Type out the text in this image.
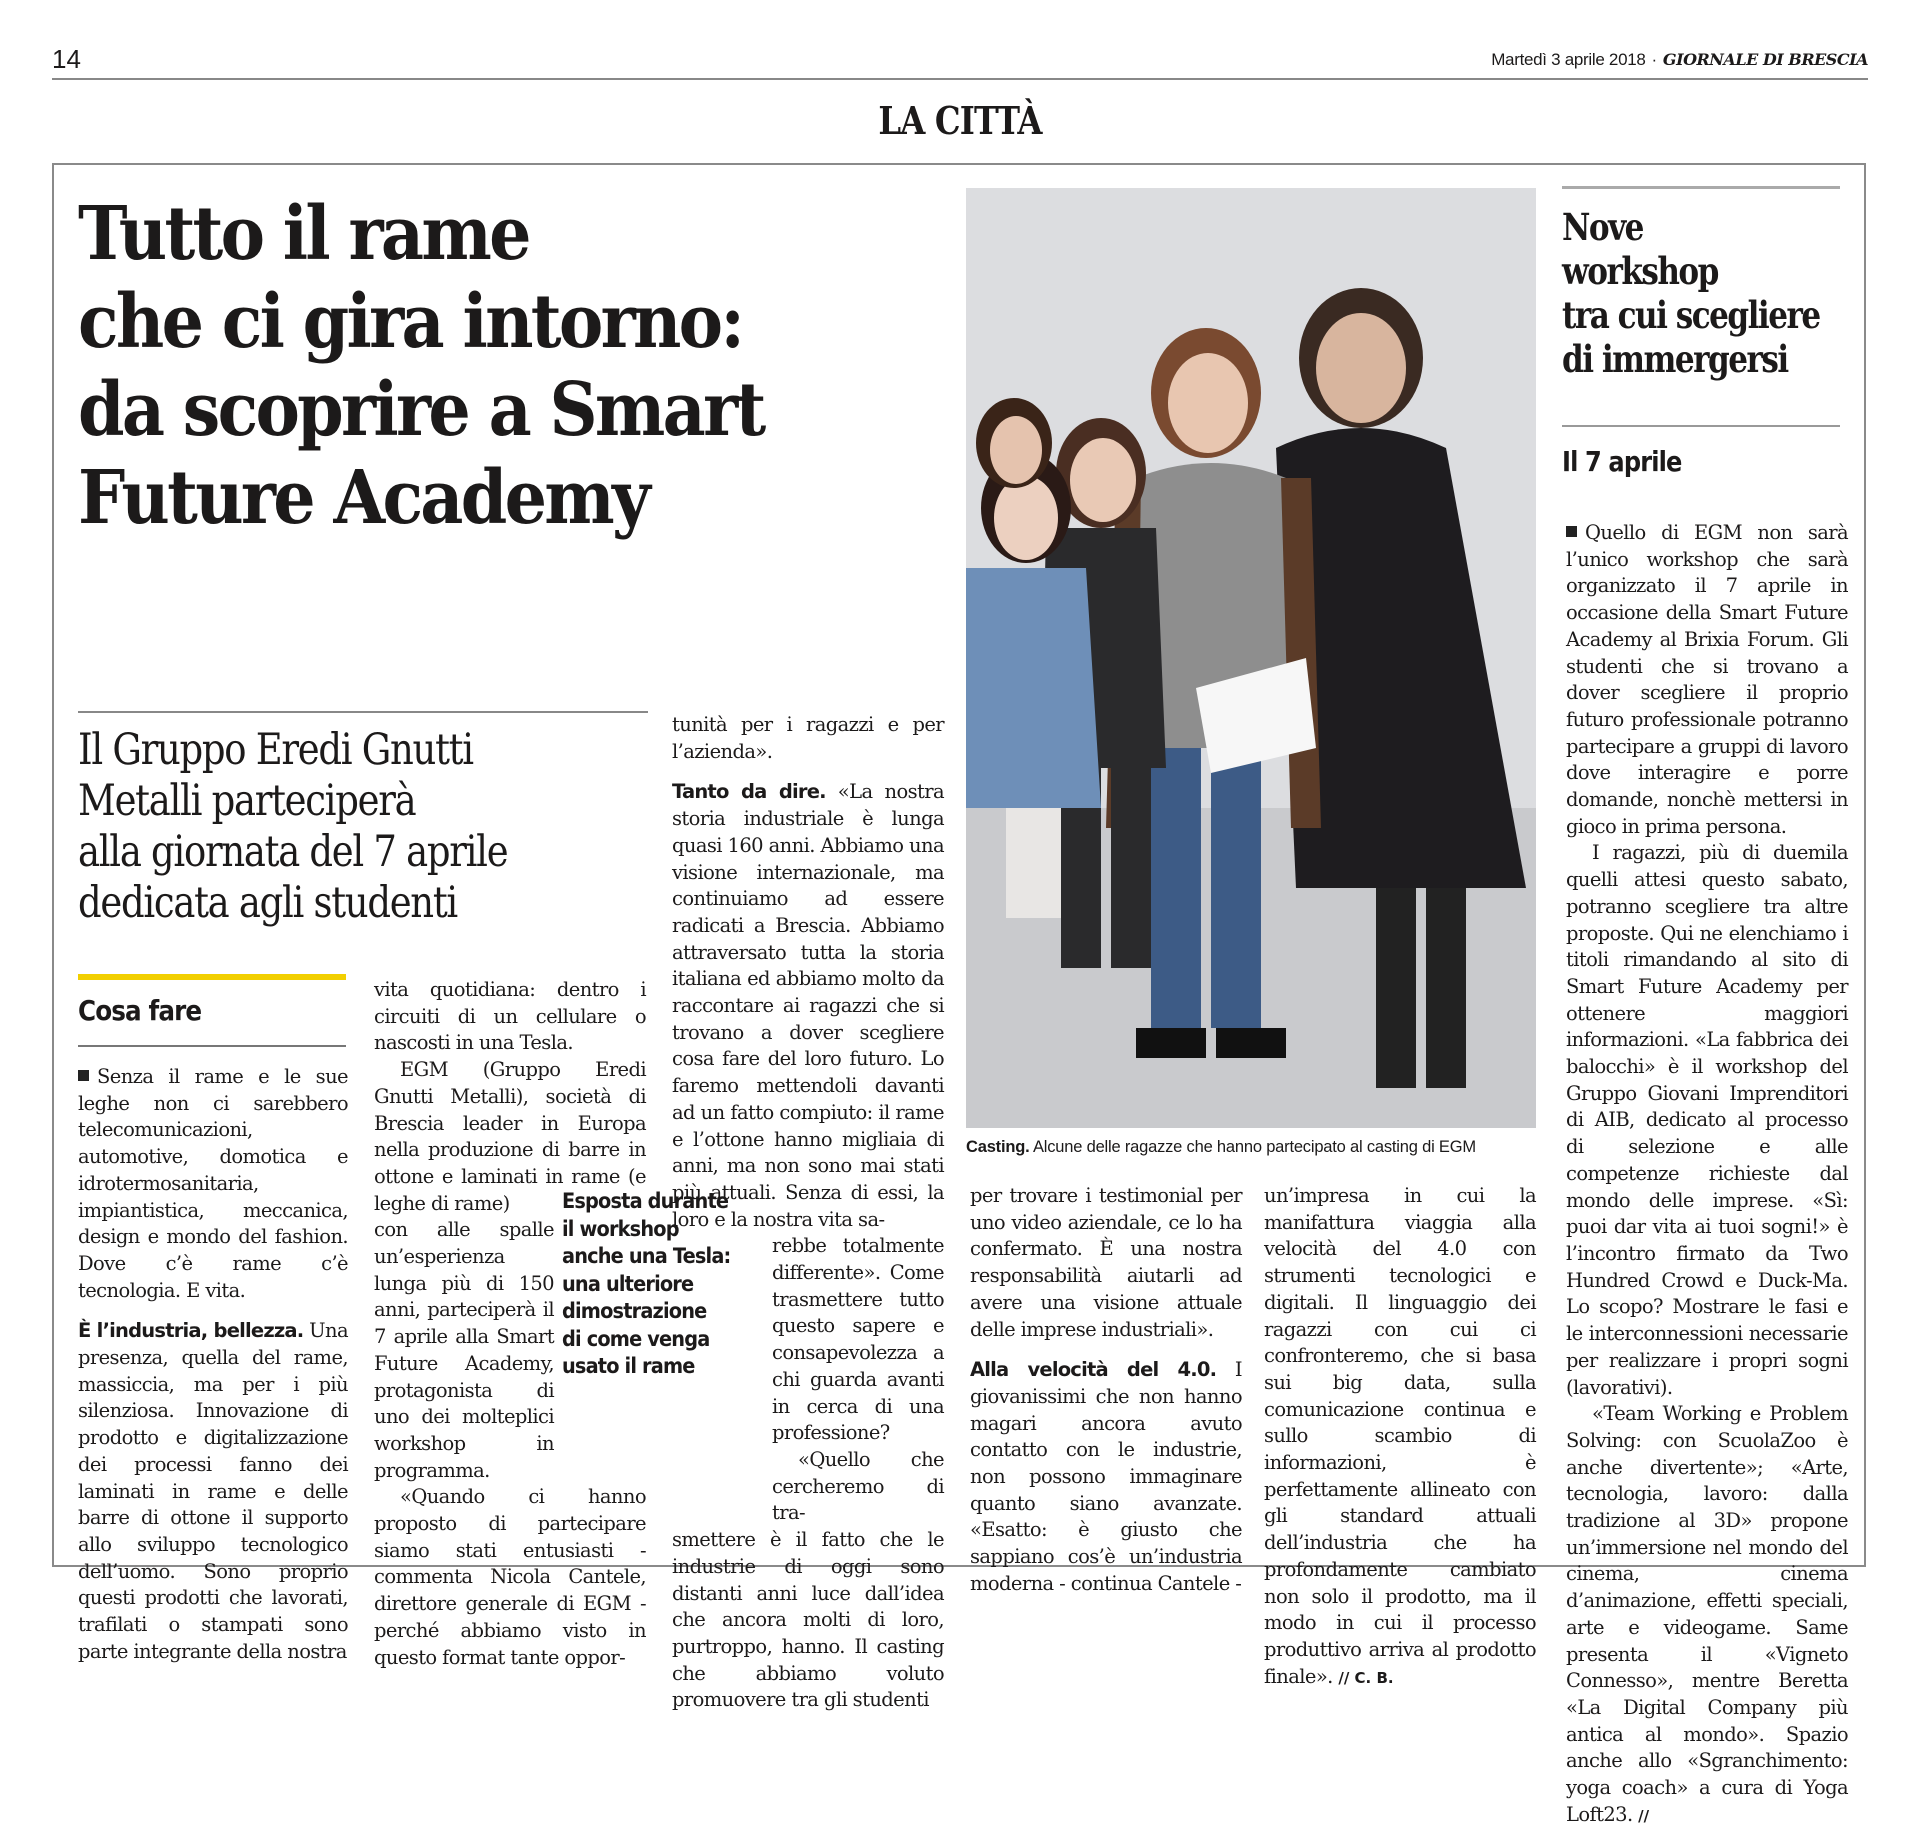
14	Martedì 3 aprile 2018 · GIORNALE DI BRESCIA
LA CITTÀ
Tutto il rame
che ci gira intorno:
da scoprire a Smart
Future Academy
Il Gruppo Eredi Gnutti
Metalli parteciperà
alla giornata del 7 aprile
dedicata agli studenti
Cosa fare

Senza il rame e le sue leghe non ci sarebbero telecomunicazioni, automotive, domotica e idrotermosanitaria, impiantistica, meccanica, design e mondo del fashion. Dove c’è rame c’è tecnologia. E vita.

È l’industria, bellezza. Una presenza, quella del rame, massiccia, ma per i più silenziosa. Innovazione di prodotto e digitalizzazione dei processi fanno dei laminati in rame e delle barre di ottone il supporto allo sviluppo tecnologico dell’uomo. Sono proprio questi prodotti che lavorati, trafilati o stampati sono parte integrante della nostra

vita quotidiana: dentro i circuiti di un cellulare o nascosti in una Tesla.

EGM (Gruppo Eredi Gnutti Metalli), società di Brescia leader in Europa nella produzione di barre in ottone e laminati in rame (e leghe di rame)

con alle spalle un’esperienza lunga più di 150 anni, parteciperà il 7 aprile alla Smart Future Academy, protagonista di uno dei molteplici workshop in programma.

«Quando ci hanno proposto di partecipare siamo stati entusiasti - commenta Nicola Cantele, direttore generale di EGM - perché abbiamo visto in questo format tante oppor-

tunità per i ragazzi e per l’azienda».

Tanto da dire. «La nostra storia industriale è lunga quasi 160 anni. Abbiamo una visione internazionale, ma continuiamo ad essere radicati a Brescia. Abbiamo attraversato tutta la storia italiana ed abbiamo molto da raccontare ai ragazzi che si trovano a dover scegliere cosa fare del loro futuro. Lo faremo mettendoli davanti ad un fatto compiuto: il rame e l’ottone hanno migliaia di anni, ma non sono mai stati più attuali. Senza di essi, la loro e la nostra vita sa-

rebbe totalmente differente». Come trasmettere tutto questo sapere e consapevolezza a chi guarda avanti in cerca di una professione?

«Quello che cercheremo di tra-

smettere è il fatto che le industrie di oggi sono distanti anni luce dall’idea che ancora molti di loro, purtroppo, hanno. Il casting che abbiamo voluto promuovere tra gli studenti

Esposta durante
il workshop
anche una Tesla:
una ulteriore
dimostrazione
di come venga
usato il rame
Casting. Alcune delle ragazze che hanno partecipato al casting di EGM

per trovare i testimonial per uno video aziendale, ce lo ha confermato. È una nostra responsabilità aiutarli ad avere una visione attuale delle imprese industriali».

Alla velocità del 4.0. I giovanissimi che non hanno magari ancora avuto contatto con le industrie, non possono immaginare quanto siano avanzate. «Esatto: è giusto che sappiano cos’è un’industria moderna - continua Cantele -

un’impresa in cui la manifattura viaggia alla velocità del 4.0 con strumenti tecnologici e digitali. Il linguaggio dei ragazzi con cui ci confronteremo, che si basa sui big data, sulla comunicazione continua e sullo scambio di informazioni, è perfettamente allineato con gli standard attuali dell’industria che ha profondamente cambiato non solo il prodotto, ma il modo in cui il processo produttivo arriva al prodotto finale». // C. B.

Nove
workshop
tra cui scegliere
di immergersi
Il 7 aprile

Quello di EGM non sarà l’unico workshop che sarà organizzato il 7 aprile in occasione della Smart Future Academy al Brixia Forum. Gli studenti che si trovano a dover scegliere il proprio futuro professionale potranno partecipare a gruppi di lavoro dove interagire e porre domande, nonchè mettersi in gioco in prima persona.

I ragazzi, più di duemila quelli attesi questo sabato, potranno scegliere tra altre proposte. Qui ne elenchiamo i titoli rimandando al sito di Smart Future Academy per ottenere maggiori informazioni. «La fabbrica dei balocchi» è il workshop del Gruppo Giovani Imprenditori di AIB, dedicato al processo di selezione e alle competenze richieste dal mondo delle imprese. «Sì: puoi dar vita ai tuoi sogni!» è l’incontro firmato da Two Hundred Crowd e Duck-Ma. Lo scopo? Mostrare le fasi e le interconnessioni necessarie per realizzare i propri sogni (lavorativi).

«Team Working e Problem Solving: con ScuolaZoo è anche divertente»; «Arte, tecnologia, lavoro: dalla tradizione al 3D» propone un’immersione nel mondo del cinema, cinema d’animazione, effetti speciali, arte e videogame. Same presenta il «Vigneto Connesso», mentre Beretta «La Digital Company più antica al mondo». Spazio anche allo «Sgranchimento: yoga coach» a cura di Yoga Loft23. //
